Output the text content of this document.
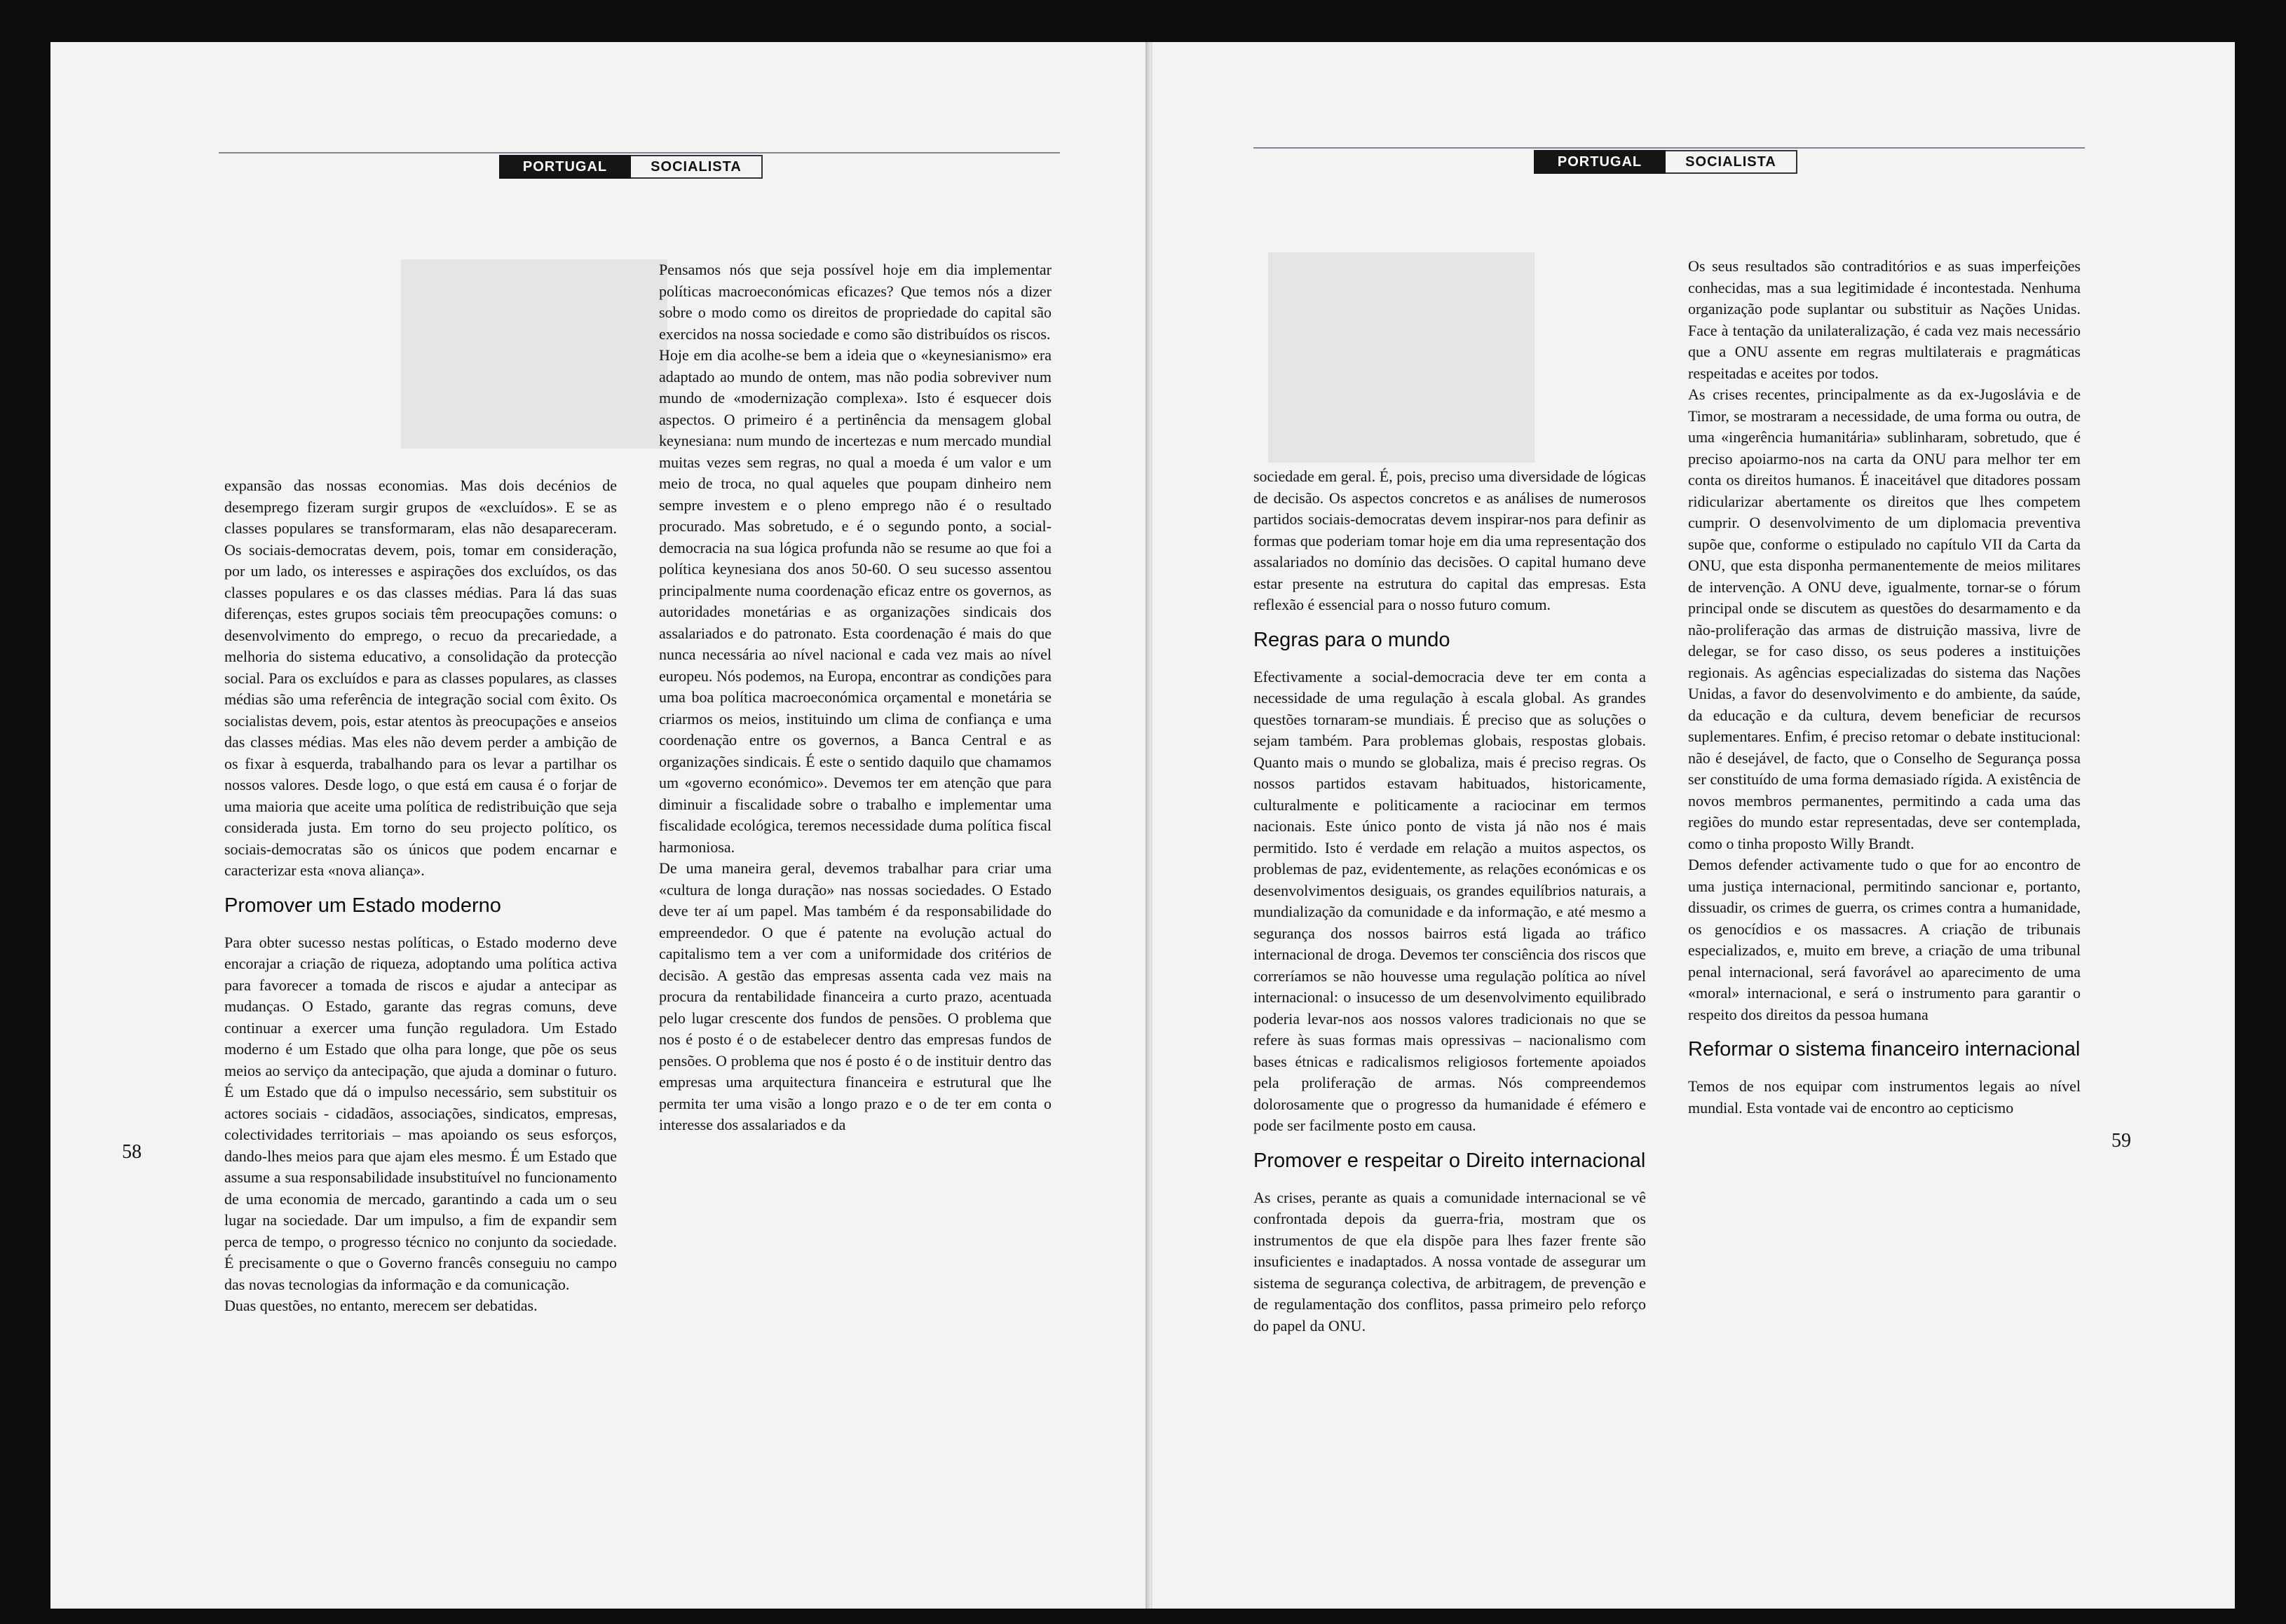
PORTUGAL	SOCIALISTA

expansão das nossas economias. Mas dois decénios de desemprego fizeram surgir grupos de «excluídos». E se as classes populares se transformaram, elas não desapareceram. Os sociais-democratas devem, pois, tomar em consideração, por um lado, os interesses e aspirações dos excluídos, os das classes populares e os das classes médias. Para lá das suas diferenças, estes grupos sociais têm preocupações comuns: o desenvolvimento do emprego, o recuo da precariedade, a melhoria do sistema educativo, a consolidação da protecção social. Para os excluídos e para as classes populares, as classes médias são uma referência de integração social com êxito. Os socialistas devem, pois, estar atentos às preocupações e anseios das classes médias. Mas eles não devem perder a ambição de os fixar à esquerda, trabalhando para os levar a partilhar os nossos valores. Desde logo, o que está em causa é o forjar de uma maioria que aceite uma política de redistribuição que seja considerada justa. Em torno do seu projecto político, os sociais-democratas são os únicos que podem encarnar e caracterizar esta «nova aliança».

Promover um Estado moderno

Para obter sucesso nestas políticas, o Estado moderno deve encorajar a criação de riqueza, adoptando uma política activa para favorecer a tomada de riscos e ajudar a antecipar as mudanças. O Estado, garante das regras comuns, deve continuar a exercer uma função reguladora. Um Estado moderno é um Estado que olha para longe, que põe os seus meios ao serviço da antecipação, que ajuda a dominar o futuro. É um Estado que dá o impulso necessário, sem substituir os actores sociais - cidadãos, associações, sindicatos, empresas, colectividades territoriais – mas apoiando os seus esforços, dando-lhes meios para que ajam eles mesmo. É um Estado que assume a sua responsabilidade insubstituível no funcionamento de uma economia de mercado, garantindo a cada um o seu lugar na sociedade. Dar um impulso, a fim de expandir sem perca de tempo, o progresso técnico no conjunto da sociedade. É precisamente o que o Governo francês conseguiu no campo das novas tecnologias da informação e da comunicação.

Duas questões, no entanto, merecem ser debatidas.

Pensamos nós que seja possível hoje em dia implementar políticas macroeconómicas eficazes? Que temos nós a dizer sobre o modo como os direitos de propriedade do capital são exercidos na nossa sociedade e como são distribuídos os riscos.

Hoje em dia acolhe-se bem a ideia que o «keynesianismo» era adaptado ao mundo de ontem, mas não podia sobreviver num mundo de «modernização complexa». Isto é esquecer dois aspectos. O primeiro é a pertinência da mensagem global keynesiana: num mundo de incertezas e num mercado mundial muitas vezes sem regras, no qual a moeda é um valor e um meio de troca, no qual aqueles que poupam dinheiro nem sempre investem e o pleno emprego não é o resultado procurado. Mas sobretudo, e é o segundo ponto, a social-democracia na sua lógica profunda não se resume ao que foi a política keynesiana dos anos 50-60. O seu sucesso assentou principalmente numa coordenação eficaz entre os governos, as autoridades monetárias e as organizações sindicais dos assalariados e do patronato. Esta coordenação é mais do que nunca necessária ao nível nacional e cada vez mais ao nível europeu. Nós podemos, na Europa, encontrar as condições para uma boa política macroeconómica orçamental e monetária se criarmos os meios, instituindo um clima de confiança e uma coordenação entre os governos, a Banca Central e as organizações sindicais. É este o sentido daquilo que chamamos um «governo económico». Devemos ter em atenção que para diminuir a fiscalidade sobre o trabalho e implementar uma fiscalidade ecológica, teremos necessidade duma política fiscal harmoniosa.

De uma maneira geral, devemos trabalhar para criar uma «cultura de longa duração» nas nossas sociedades. O Estado deve ter aí um papel. Mas também é da responsabilidade do empreendedor. O que é patente na evolução actual do capitalismo tem a ver com a uniformidade dos critérios de decisão. A gestão das empresas assenta cada vez mais na procura da rentabilidade financeira a curto prazo, acentuada pelo lugar crescente dos fundos de pensões. O problema que nos é posto é o de estabelecer dentro das empresas fundos de pensões. O problema que nos é posto é o de instituir dentro das empresas uma arquitectura financeira e estrutural que lhe permita ter uma visão a longo prazo e o de ter em conta o interesse dos assalariados e da

58
PORTUGAL	SOCIALISTA

sociedade em geral. É, pois, preciso uma diversidade de lógicas de decisão. Os aspectos concretos e as análises de numerosos partidos sociais-democratas devem inspirar-nos para definir as formas que poderiam tomar hoje em dia uma representação dos assalariados no domínio das decisões. O capital humano deve estar presente na estrutura do capital das empresas. Esta reflexão é essencial para o nosso futuro comum.

Regras para o mundo

Efectivamente a social-democracia deve ter em conta a necessidade de uma regulação à escala global. As grandes questões tornaram-se mundiais. É preciso que as soluções o sejam também. Para problemas globais, respostas globais. Quanto mais o mundo se globaliza, mais é preciso regras. Os nossos partidos estavam habituados, historicamente, culturalmente e politicamente a raciocinar em termos nacionais. Este único ponto de vista já não nos é mais permitido. Isto é verdade em relação a muitos aspectos, os problemas de paz, evidentemente, as relações económicas e os desenvolvimentos desiguais, os grandes equilíbrios naturais, a mundialização da comunidade e da informação, e até mesmo a segurança dos nossos bairros está ligada ao tráfico internacional de droga. Devemos ter consciência dos riscos que correríamos se não houvesse uma regulação política ao nível internacional: o insucesso de um desenvolvimento equilibrado poderia levar-nos aos nossos valores tradicionais no que se refere às suas formas mais opressivas – nacionalismo com bases étnicas e radicalismos religiosos fortemente apoiados pela proliferação de armas. Nós compreendemos dolorosamente que o progresso da humanidade é efémero e pode ser facilmente posto em causa.

Promover e respeitar o Direito internacional

As crises, perante as quais a comunidade internacional se vê confrontada depois da guerra-fria, mostram que os instrumentos de que ela dispõe para lhes fazer frente são insuficientes e inadaptados. A nossa vontade de assegurar um sistema de segurança colectiva, de arbitragem, de prevenção e de regulamentação dos conflitos, passa primeiro pelo reforço do papel da ONU.

Os seus resultados são contraditórios e as suas imperfeições conhecidas, mas a sua legitimidade é incontestada. Nenhuma organização pode suplantar ou substituir as Nações Unidas. Face à tentação da unilateralização, é cada vez mais necessário que a ONU assente em regras multilaterais e pragmáticas respeitadas e aceites por todos.

As crises recentes, principalmente as da ex-Jugoslávia e de Timor, se mostraram a necessidade, de uma forma ou outra, de uma «ingerência humanitária» sublinharam, sobretudo, que é preciso apoiarmo-nos na carta da ONU para melhor ter em conta os direitos humanos. É inaceitável que ditadores possam ridicularizar abertamente os direitos que lhes competem cumprir. O desenvolvimento de um diplomacia preventiva supõe que, conforme o estipulado no capítulo VII da Carta da ONU, que esta disponha permanentemente de meios militares de intervenção. A ONU deve, igualmente, tornar-se o fórum principal onde se discutem as questões do desarmamento e da não-proliferação das armas de distruição massiva, livre de delegar, se for caso disso, os seus poderes a instituições regionais. As agências especializadas do sistema das Nações Unidas, a favor do desenvolvimento e do ambiente, da saúde, da educação e da cultura, devem beneficiar de recursos suplementares. Enfim, é preciso retomar o debate institucional: não é desejável, de facto, que o Conselho de Segurança possa ser constituído de uma forma demasiado rígida. A existência de novos membros permanentes, permitindo a cada uma das regiões do mundo estar representadas, deve ser contemplada, como o tinha proposto Willy Brandt.

Demos defender activamente tudo o que for ao encontro de uma justiça internacional, permitindo sancionar e, portanto, dissuadir, os crimes de guerra, os crimes contra a humanidade, os genocídios e os massacres. A criação de tribunais especializados, e, muito em breve, a criação de uma tribunal penal internacional, será favorável ao aparecimento de uma «moral» internacional, e será o instrumento para garantir o respeito dos direitos da pessoa humana

Reformar o sistema financeiro internacional

Temos de nos equipar com instrumentos legais ao nível mundial. Esta vontade vai de encontro ao cepticismo

59
